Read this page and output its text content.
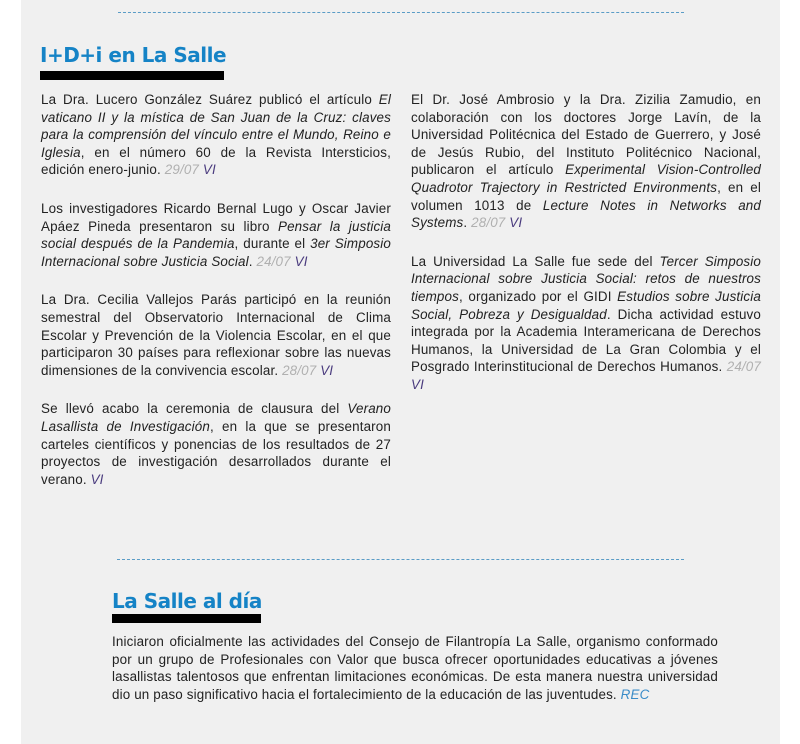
I+D+i en La Salle

La Dra. Lucero González Suárez publicó el artículo El vaticano II y la mística de San Juan de la Cruz: claves para la comprensión del vínculo entre el Mundo, Reino e Iglesia, en el número 60 de la Revista Intersticios, edición enero-junio. 29/07 VI

Los investigadores Ricardo Bernal Lugo y Oscar Javier Apáez Pineda presentaron su libro Pensar la justicia social después de la Pandemia, durante el 3er Simposio Internacional sobre Justicia Social. 24/07 VI

La Dra. Cecilia Vallejos Parás participó en la reunión semestral del Observatorio Internacional de Clima Escolar y Prevención de la Violencia Escolar, en el que participaron 30 países para reflexionar sobre las nuevas dimensiones de la convivencia escolar. 28/07 VI

Se llevó acabo la ceremonia de clausura del Verano Lasallista de Investigación, en la que se presentaron carteles científicos y ponencias de los resultados de 27 proyectos de investigación desarrollados durante el verano. VI

El Dr. José Ambrosio y la Dra. Zizilia Zamudio, en colaboración con los doctores Jorge Lavín, de la Universidad Politécnica del Estado de Guerrero, y José de Jesús Rubio, del Instituto Politécnico Nacional, publicaron el artículo Experimental Vision-Controlled Quadrotor Trajectory in Restricted Environments, en el volumen 1013 de Lecture Notes in Networks and Systems. 28/07 VI

La Universidad La Salle fue sede del Tercer Simposio Internacional sobre Justicia Social: retos de nuestros tiempos, organizado por el GIDI Estudios sobre Justicia Social, Pobreza y Desigualdad. Dicha actividad estuvo integrada por la Academia Interamericana de Derechos Humanos, la Universidad de La Gran Colombia y el Posgrado Interinstitucional de Derechos Humanos. 24/07 VI

La Salle al día

Iniciaron oficialmente las actividades del Consejo de Filantropía La Salle, organismo conformado por un grupo de Profesionales con Valor que busca ofrecer oportunidades educativas a jóvenes lasallistas talentosos que enfrentan limitaciones económicas. De esta manera nuestra universidad dio un paso significativo hacia el fortalecimiento de la educación de las juventudes. REC
